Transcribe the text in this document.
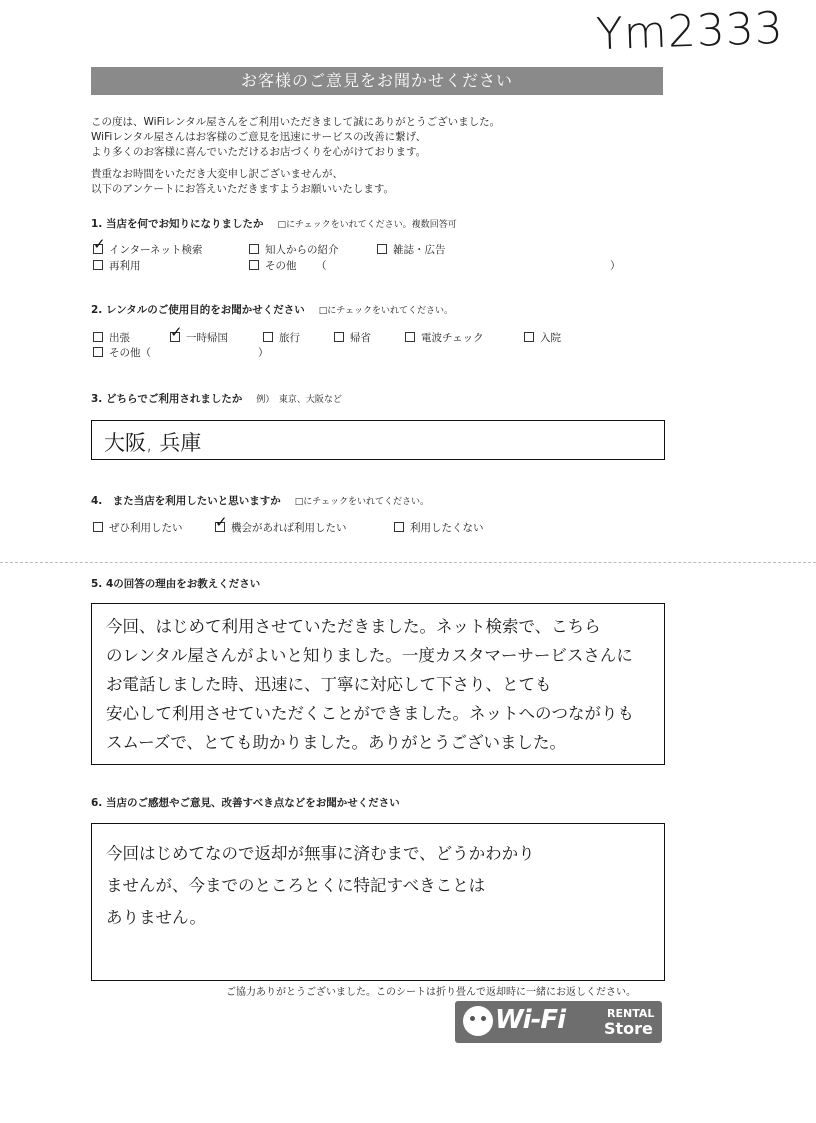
Ym2333
お客様のご意見をお聞かせください
この度は、WiFiレンタル屋さんをご利用いただきまして誠にありがとうございました。
WiFiレンタル屋さんはお客様のご意見を迅速にサービスの改善に繋げ、
より多くのお客様に喜んでいただけるお店づくりを心がけております。
貴重なお時間をいただき大変申し訳ございませんが、
以下のアンケートにお答えいただきますようお願いいたします。
1. 当店を何でお知りになりましたか □にチェックをいれてください。複数回答可
✓インターネット検索	知人からの紹介	雑誌・広告
再利用	その他 （	）
2. レンタルのご使用目的をお聞かせください □にチェックをいれてください。
出張 ✓	一時帰国	旅行	帰省	電波チェック	入院
その他（	）
3. どちらでご利用されましたか 例）　東京、大阪など
大阪, 兵庫
4.　また当店を利用したいと思いますか □にチェックをいれてください。
ぜひ利用したい ✓	機会があれば利用したい	利用したくない
5. 4の回答の理由をお教えください
今回、はじめて利用させていただきました。ネット検索で、こちら
のレンタル屋さんがよいと知りました。一度カスタマーサービスさんに
お電話しました時、迅速に、丁寧に対応して下さり、とても
安心して利用させていただくことができました。ネットへのつながりも
スムーズで、とても助かりました。ありがとうございました。
6. 当店のご感想やご意見、改善すべき点などをお聞かせください
今回はじめてなので返却が無事に済むまで、どうかわかり
ませんが、今までのところとくに特記すべきことは
ありません。
ご協力ありがとうございました。このシートは折り畳んで返却時に一緒にお返しください。
Wi-Fi	RENTAL
Store
